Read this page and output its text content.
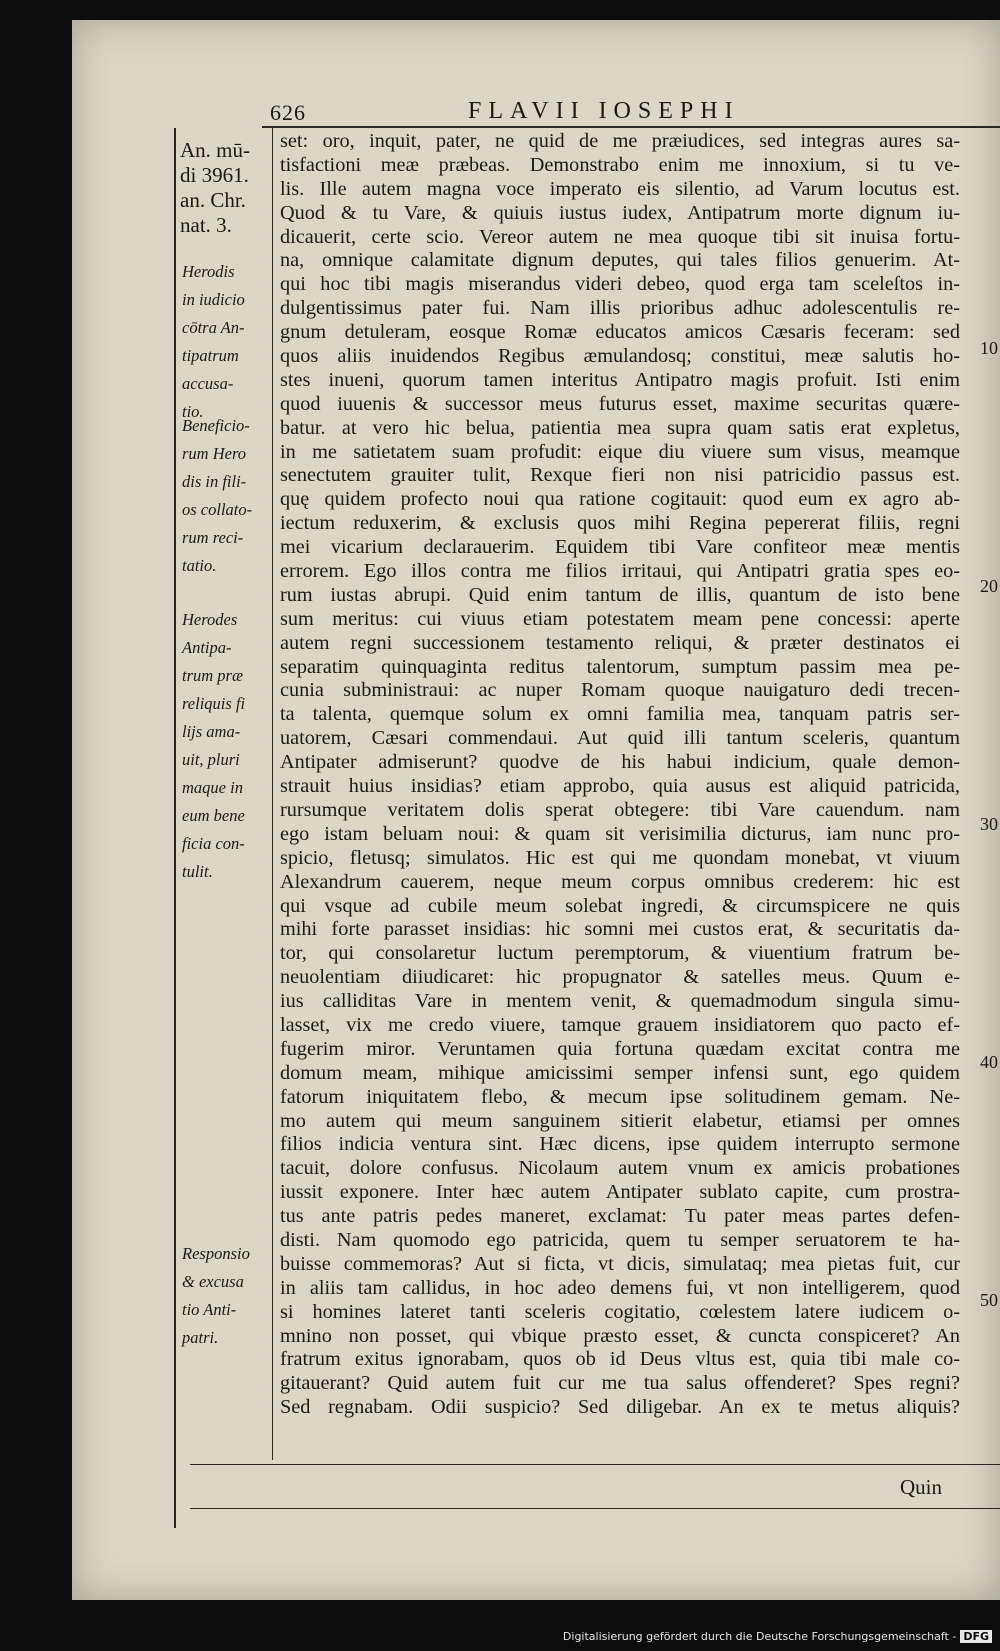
626	FLAVII IOSEPHI
An. mū-
di 3961.
an. Chr.
nat. 3.
Herodis
in iudicio
cōtra An-
tipatrum
accusa-
tio.
Beneficio-
rum Hero
dis in fili-
os collato-
rum reci-
tatio.
Herodes
Antipa-
trum præ
reliquis fi
lijs ama-
uit, pluri
maque in
eum bene
ficia con-
tulit.
Responsio
& excusa
tio Anti-
patri.
set: oro, inquit, pater, ne quid de me præiudices, sed integras aures sa-
tisfactioni meæ præbeas. Demonstrabo enim me innoxium, si tu ve-
lis. Ille autem magna voce imperato eis silentio, ad Varum locutus est.
Quod & tu Vare, & quiuis iustus iudex, Antipatrum morte dignum iu-
dicauerit, certe scio. Vereor autem ne mea quoque tibi sit inuisa fortu-
na, omnique calamitate dignum deputes, qui tales filios genuerim. At-
qui hoc tibi magis miserandus videri debeo, quod erga tam sceleſtos in-
dulgentissimus pater fui. Nam illis prioribus adhuc adolescentulis re-
gnum detuleram, eosque Romæ educatos amicos Cæsaris feceram: sed
quos aliis inuidendos Regibus æmulandosq; constitui, meæ salutis ho-
stes inueni, quorum tamen interitus Antipatro magis profuit. Isti enim
quod iuuenis & successor meus futurus esset, maxime securitas quære-
batur. at vero hic belua, patientia mea supra quam satis erat expletus,
in me satietatem suam profudit: eique diu viuere sum visus, meamque
senectutem grauiter tulit, Rexque fieri non nisi patricidio passus est.
quę quidem profecto noui qua ratione cogitauit: quod eum ex agro ab-
iectum reduxerim, & exclusis quos mihi Regina pepererat filiis, regni
mei vicarium declarauerim. Equidem tibi Vare confiteor meæ mentis
errorem. Ego illos contra me filios irritaui, qui Antipatri gratia spes eo-
rum iustas abrupi. Quid enim tantum de illis, quantum de isto bene
sum meritus: cui viuus etiam potestatem meam pene concessi: aperte
autem regni successionem testamento reliqui, & præter destinatos ei
separatim quinquaginta reditus talentorum, sumptum passim mea pe-
cunia subministraui: ac nuper Romam quoque nauigaturo dedi trecen-
ta talenta, quemque solum ex omni familia mea, tanquam patris ser-
uatorem, Cæsari commendaui. Aut quid illi tantum sceleris, quantum
Antipater admiserunt? quodve de his habui indicium, quale demon-
strauit huius insidias? etiam approbo, quia ausus est aliquid patricida,
rursumque veritatem dolis sperat obtegere: tibi Vare cauendum. nam
ego istam beluam noui: & quam sit verisimilia dicturus, iam nunc pro-
spicio, fletusq; simulatos. Hic est qui me quondam monebat, vt viuum
Alexandrum cauerem, neque meum corpus omnibus crederem: hic est
qui vsque ad cubile meum solebat ingredi, & circumspicere ne quis
mihi forte parasset insidias: hic somni mei custos erat, & securitatis da-
tor, qui consolaretur luctum peremptorum, & viuentium fratrum be-
neuolentiam diiudicaret: hic propugnator & satelles meus. Quum e-
ius calliditas Vare in mentem venit, & quemadmodum singula simu-
lasset, vix me credo viuere, tamque grauem insidiatorem quo pacto ef-
fugerim miror. Veruntamen quia fortuna quædam excitat contra me
domum meam, mihique amicissimi semper infensi sunt, ego quidem
fatorum iniquitatem flebo, & mecum ipse solitudinem gemam. Ne-
mo autem qui meum sanguinem sitierit elabetur, etiamsi per omnes
filios indicia ventura sint. Hæc dicens, ipse quidem interrupto sermone
tacuit, dolore confusus. Nicolaum autem vnum ex amicis probationes
iussit exponere. Inter hæc autem Antipater sublato capite, cum prostra-
tus ante patris pedes maneret, exclamat: Tu pater meas partes defen-
disti. Nam quomodo ego patricida, quem tu semper seruatorem te ha-
buisse commemoras? Aut si ficta, vt dicis, simulataq; mea pietas fuit, cur
in aliis tam callidus, in hoc adeo demens fui, vt non intelligerem, quod
si homines lateret tanti sceleris cogitatio, cœlestem latere iudicem o-
mnino non posset, qui vbique præsto esset, & cuncta conspiceret? An
fratrum exitus ignorabam, quos ob id Deus vltus est, quia tibi male co-
gitauerant? Quid autem fuit cur me tua salus offenderet? Spes regni?
Sed regnabam. Odii suspicio? Sed diligebar. An ex te metus aliquis?
10
20
30
40
50
Quin
Digitalisierung gefördert durch die Deutsche Forschungsgemeinschaft - DFG
